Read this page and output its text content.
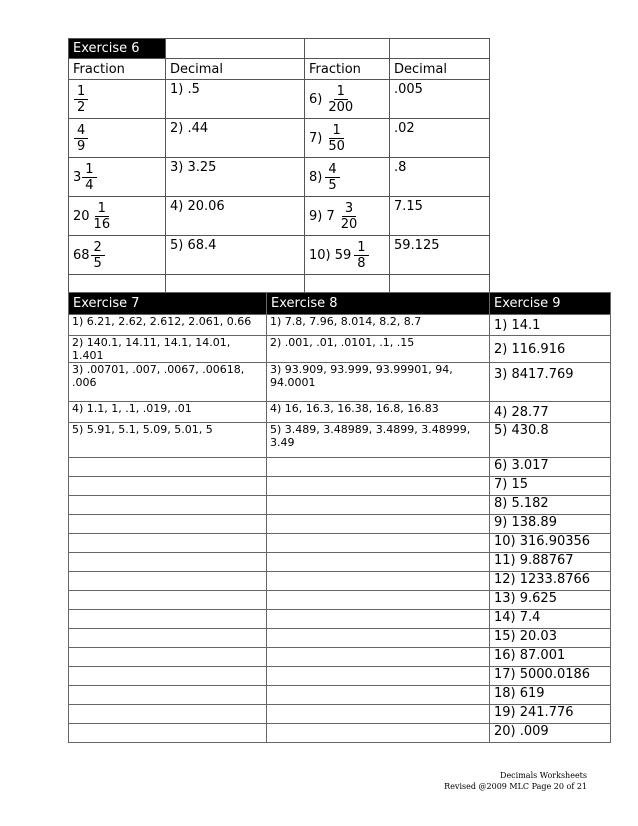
Exercise 6			
Fraction	Decimal	Fraction	Decimal

$\frac{1}{2}$	1) .5	$6) \frac{1}{200}$	.005

$\frac{4}{9}$	2) .44	$7) \frac{1}{50}$	.02

$3 \frac{1}{4}$	3) 3.25	$8) \frac{4}{5}$	.8

$20 \frac{1}{16}$	4) 20.06	9) $7 \frac{3}{20}$	7.15

$68 \frac{2}{5}$	5) 68.4	10) $59 \frac{1}{8}$	59.125

Exercise 7	Exercise 8	Exercise 9
1) 6.21, 2.62, 2.612, 2.061, 0.66	1) 7.8, 7.96, 8.014, 8.2, 8.7	1) 14.1
2) 140.1, 14.11, 14.1, 14.01, 1.401	2) .001, .01, .0101, .1, .15	2) 116.916
3) .00701, .007, .0067, .00618, .006	3) 93.909, 93.999, 93.99901, 94, 94.0001	3) 8417.769
4) 1.1, 1, .1, .019, .01	4) 16, 16.3, 16.38, 16.8, 16.83	4) 28.77
5) 5.91, 5.1, 5.09, 5.01, 5	5) 3.489, 3.48989, 3.4899, 3.48999, 3.49	5) 430.8
		6) 3.017
		7) 15
		8) 5.182
		9) 138.89
		10) 316.90356
		11) 9.88767
		12) 1233.8766
		13) 9.625
		14) 7.4
		15) 20.03
		16) 87.001
		17) 5000.0186
		18) 619
		19) 241.776
		20) .009
Decimals Worksheets
Revised @2009 MLC Page 20 of 21
